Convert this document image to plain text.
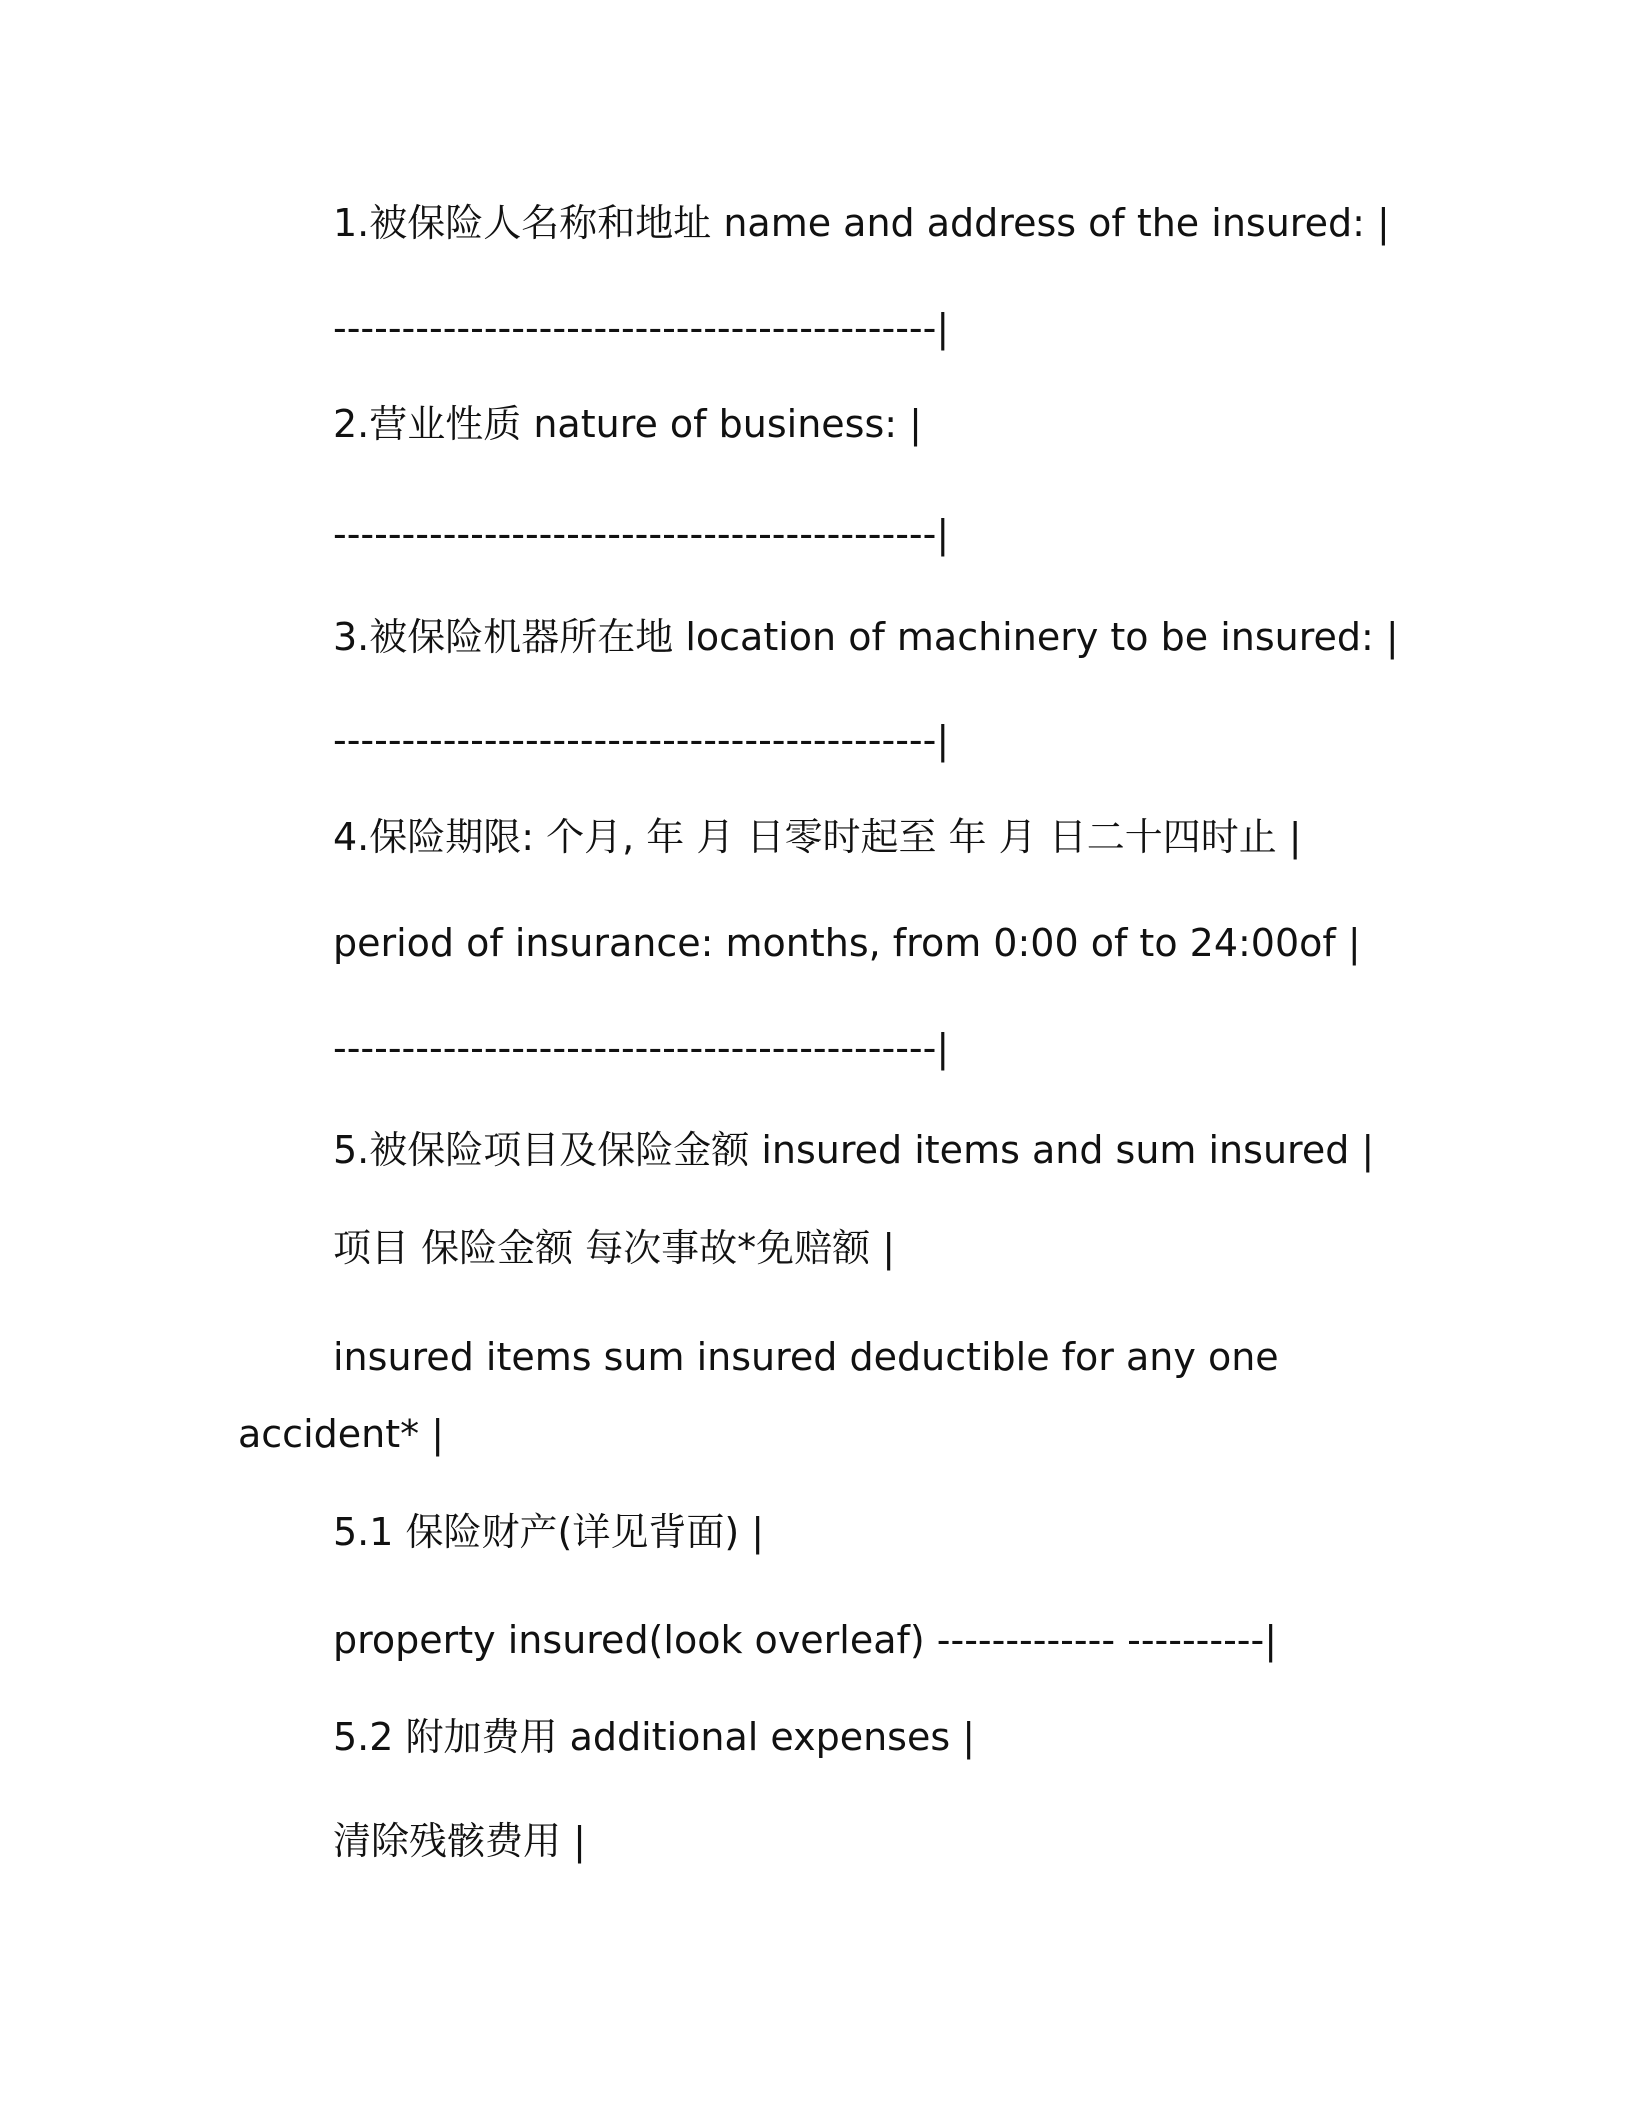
1.被保险人名称和地址 name and address of the insured: |
--------------------------------------------|
2.营业性质 nature of business: |
--------------------------------------------|
3.被保险机器所在地 location of machinery to be insured: |
--------------------------------------------|
4.保险期限: 个月, 年 月 日零时起至 年 月 日二十四时止 |
period of insurance: months, from 0:00 of to 24:00of |
--------------------------------------------|
5.被保险项目及保险金额 insured items and sum insured |
项目 保险金额 每次事故*免赔额 |
insured items sum insured deductible for any one
accident* |
5.1 保险财产(详见背面) |
property insured(look overleaf) ------------- ----------|
5.2 附加费用 additional expenses |
清除残骸费用 |
